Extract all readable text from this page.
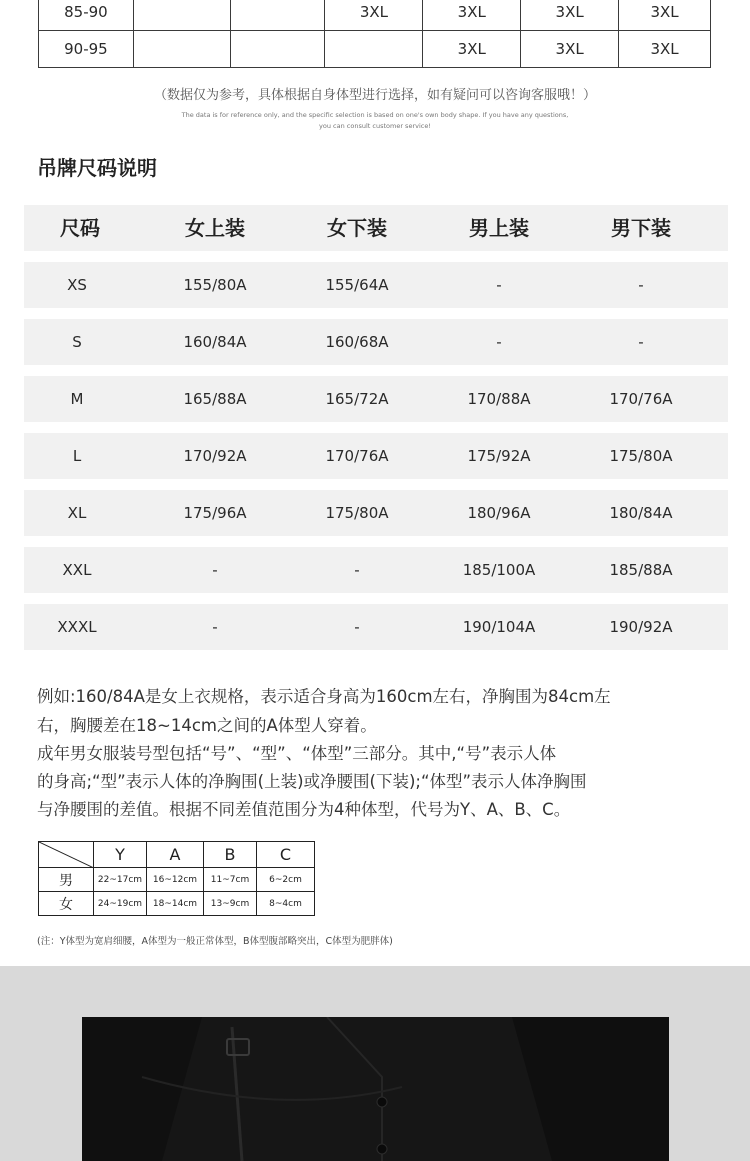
85-90			3XL	3XL	3XL	3XL
90-95				3XL	3XL	3XL
（数据仅为参考，具体根据自身体型进行选择，如有疑问可以咨询客服哦！）
The data is for reference only, and the specific selection is based on one's own body shape. If you have any questions,
you can consult customer service!
吊牌尺码说明
尺码	女上装	女下装	男上装	男下装
XS	155/80A	155/64A	-	-
S	160/84A	160/68A	-	-
M	165/88A	165/72A	170/88A	170/76A
L	170/92A	170/76A	175/92A	175/80A
XL	175/96A	175/80A	180/96A	180/84A
XXL	-	-	185/100A	185/88A
XXXL	-	-	190/104A	190/92A
例如:160/84A是女上衣规格，表示适合身高为160cm左右，净胸围为84cm左
右，胸腰差在18~14cm之间的A体型人穿着。
成年男女服装号型包括“号”、“型”、“体型”三部分。其中,“号”表示人体
的身高;“型”表示人体的净胸围(上装)或净腰围(下装);“体型”表示人体净胸围
与净腰围的差值。根据不同差值范围分为4种体型，代号为Y、A、B、C。
	Y	A	B	C
男	22~17cm	16~12cm	11~7cm	6~2cm
女	24~19cm	18~14cm	13~9cm	8~4cm
(注：Y体型为宽肩细腰，A体型为一般正常体型，B体型腹部略突出，C体型为肥胖体)
